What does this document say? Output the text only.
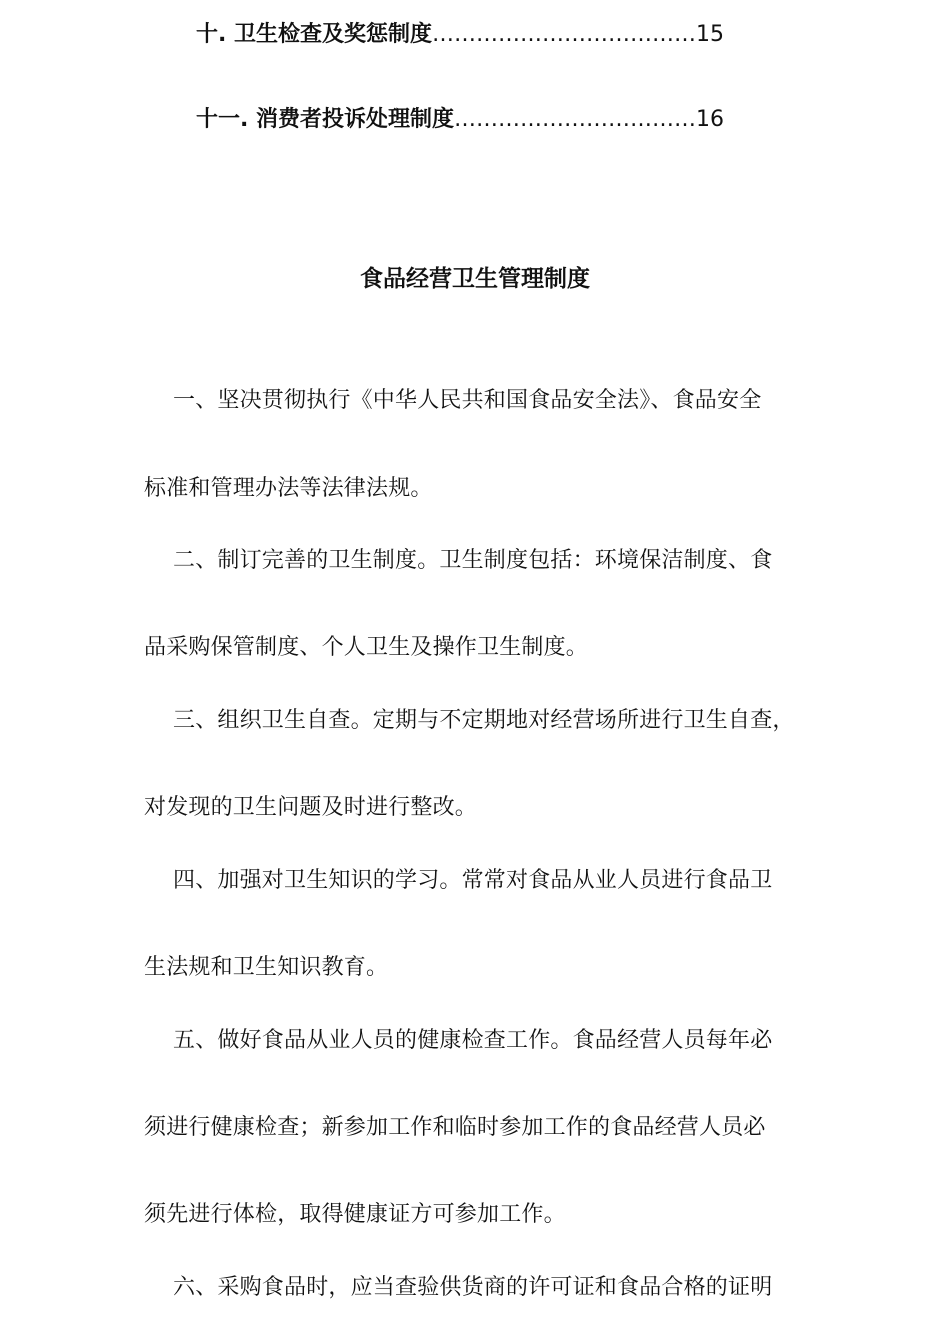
十. 卫生检查及奖惩制度 ……………………………… 15
十一. 消费者投诉处理制度 …………………………… 16
食品经营卫生管理制度
一、坚决贯彻执行《中华人民共和国食品安全法》、食品安全
标准和管理办法等法律法规。
二、制订完善的卫生制度。卫生制度包括：环境保洁制度、食
品采购保管制度、个人卫生及操作卫生制度。
三、组织卫生自查。定期与不定期地对经营场所进行卫生自查，
对发现的卫生问题及时进行整改。
四、加强对卫生知识的学习。常常对食品从业人员进行食品卫
生法规和卫生知识教育。
五、做好食品从业人员的健康检查工作。食品经营人员每年必
须进行健康检查；新参加工作和临时参加工作的食品经营人员必
须先进行体检，取得健康证方可参加工作。
六、采购食品时，应当查验供货商的许可证和食品合格的证明
